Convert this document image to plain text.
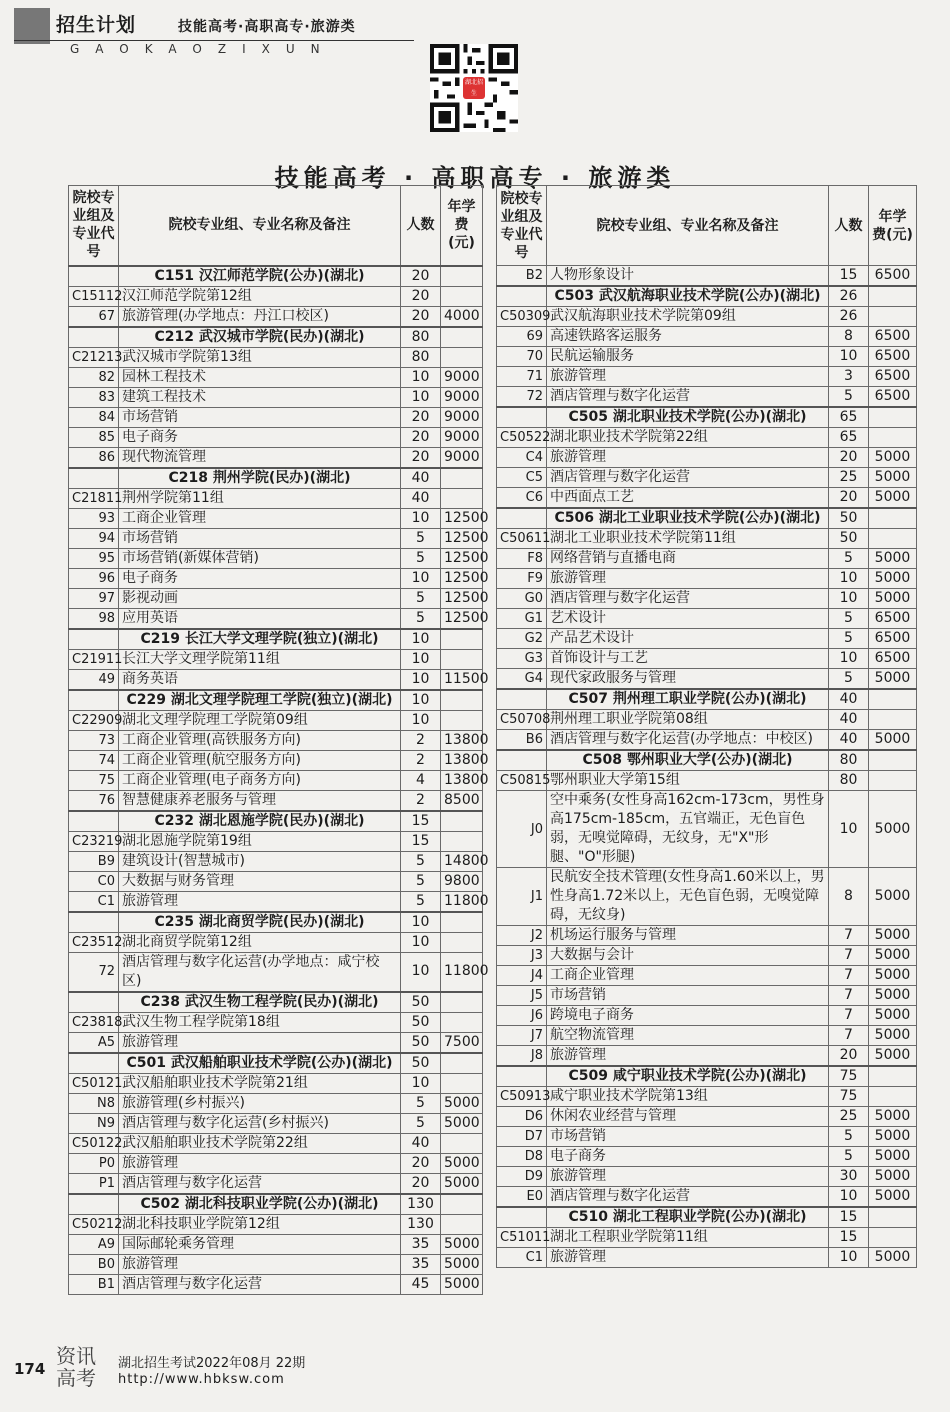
招生计划	技能高考·高职高专·旅游类
GAOKAOZIXUN
湖北招生
技能高考 · 高职高专 · 旅游类
院校专业组及专业代号	院校专业组、专业名称及备注	人数	年学费(元)
	C151 汉江师范学院(公办)(湖北)	20	
C15112	汉江师范学院第12组	20	
67	旅游管理(办学地点：丹江口校区)	20	4000
	C212 武汉城市学院(民办)(湖北)	80	
C21213	武汉城市学院第13组	80	
82	园林工程技术	10	9000
83	建筑工程技术	10	9000
84	市场营销	20	9000
85	电子商务	20	9000
86	现代物流管理	20	9000
	C218 荆州学院(民办)(湖北)	40	
C21811	荆州学院第11组	40	
93	工商企业管理	10	12500
94	市场营销	5	12500
95	市场营销(新媒体营销)	5	12500
96	电子商务	10	12500
97	影视动画	5	12500
98	应用英语	5	12500
	C219 长江大学文理学院(独立)(湖北)	10	
C21911	长江大学文理学院第11组	10	
49	商务英语	10	11500
	C229 湖北文理学院理工学院(独立)(湖北)	10	
C22909	湖北文理学院理工学院第09组	10	
73	工商企业管理(高铁服务方向)	2	13800
74	工商企业管理(航空服务方向)	2	13800
75	工商企业管理(电子商务方向)	4	13800
76	智慧健康养老服务与管理	2	8500
	C232 湖北恩施学院(民办)(湖北)	15	
C23219	湖北恩施学院第19组	15	
B9	建筑设计(智慧城市)	5	14800
C0	大数据与财务管理	5	9800
C1	旅游管理	5	11800
	C235 湖北商贸学院(民办)(湖北)	10	
C23512	湖北商贸学院第12组	10	
72	酒店管理与数字化运营(办学地点：咸宁校区)	10	11800
	C238 武汉生物工程学院(民办)(湖北)	50	
C23818	武汉生物工程学院第18组	50	
A5	旅游管理	50	7500
	C501 武汉船舶职业技术学院(公办)(湖北)	50	
C50121	武汉船舶职业技术学院第21组	10	
N8	旅游管理(乡村振兴)	5	5000
N9	酒店管理与数字化运营(乡村振兴)	5	5000
C50122	武汉船舶职业技术学院第22组	40	
P0	旅游管理	20	5000
P1	酒店管理与数字化运营	20	5000
	C502 湖北科技职业学院(公办)(湖北)	130	
C50212	湖北科技职业学院第12组	130	
A9	国际邮轮乘务管理	35	5000
B0	旅游管理	35	5000
B1	酒店管理与数字化运营	45	5000
院校专业组及专业代号	院校专业组、专业名称及备注	人数	年学费(元)
B2	人物形象设计	15	6500
	C503 武汉航海职业技术学院(公办)(湖北)	26	
C50309	武汉航海职业技术学院第09组	26	
69	高速铁路客运服务	8	6500
70	民航运输服务	10	6500
71	旅游管理	3	6500
72	酒店管理与数字化运营	5	6500
	C505 湖北职业技术学院(公办)(湖北)	65	
C50522	湖北职业技术学院第22组	65	
C4	旅游管理	20	5000
C5	酒店管理与数字化运营	25	5000
C6	中西面点工艺	20	5000
	C506 湖北工业职业技术学院(公办)(湖北)	50	
C50611	湖北工业职业技术学院第11组	50	
F8	网络营销与直播电商	5	5000
F9	旅游管理	10	5000
G0	酒店管理与数字化运营	10	5000
G1	艺术设计	5	6500
G2	产品艺术设计	5	6500
G3	首饰设计与工艺	10	6500
G4	现代家政服务与管理	5	5000
	C507 荆州理工职业学院(公办)(湖北)	40	
C50708	荆州理工职业学院第08组	40	
B6	酒店管理与数字化运营(办学地点：中校区)	40	5000
	C508 鄂州职业大学(公办)(湖北)	80	
C50815	鄂州职业大学第15组	80	
J0	空中乘务(女性身高162cm-173cm，男性身高175cm-185cm，五官端正，无色盲色弱，无嗅觉障碍，无纹身，无"X"形腿、"O"形腿)	10	5000
J1	民航安全技术管理(女性身高1.60米以上，男性身高1.72米以上，无色盲色弱，无嗅觉障碍，无纹身)	8	5000
J2	机场运行服务与管理	7	5000
J3	大数据与会计	7	5000
J4	工商企业管理	7	5000
J5	市场营销	7	5000
J6	跨境电子商务	7	5000
J7	航空物流管理	7	5000
J8	旅游管理	20	5000
	C509 咸宁职业技术学院(公办)(湖北)	75	
C50913	咸宁职业技术学院第13组	75	
D6	休闲农业经营与管理	25	5000
D7	市场营销	5	5000
D8	电子商务	5	5000
D9	旅游管理	30	5000
E0	酒店管理与数字化运营	10	5000
	C510 湖北工程职业学院(公办)(湖北)	15	
C51011	湖北工程职业学院第11组	15	
C1	旅游管理	10	5000
174
资讯高考
湖北招生考试2022年08月 22期
http://www.hbksw.com
